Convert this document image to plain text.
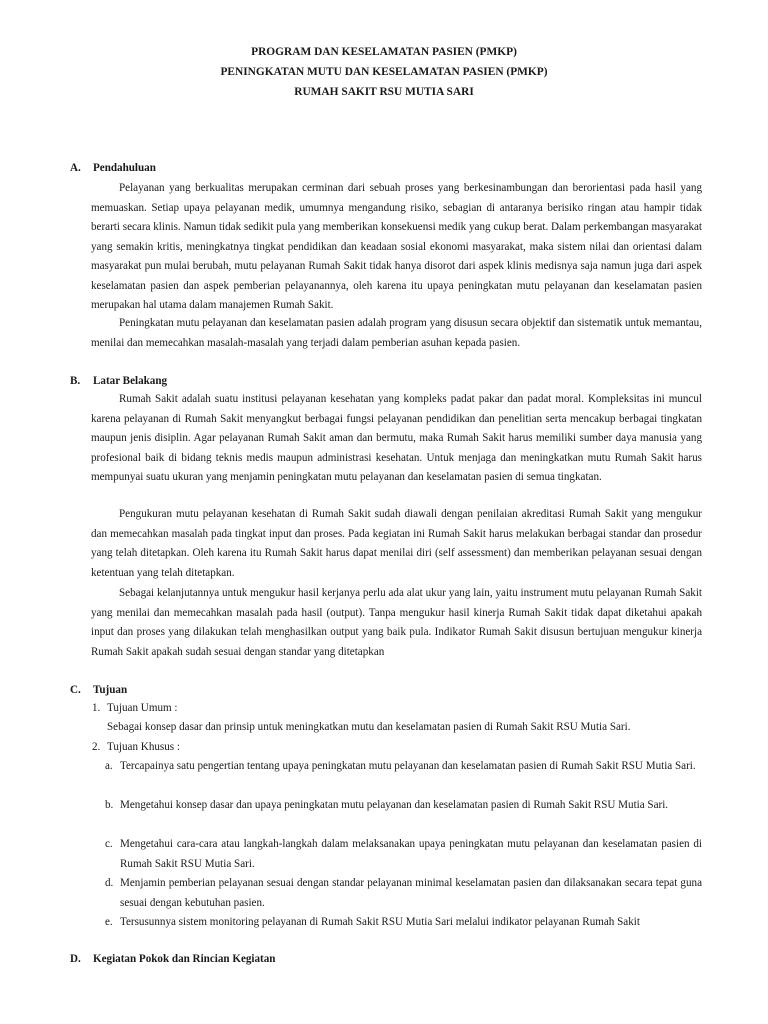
PROGRAM DAN KESELAMATAN PASIEN (PMKP)
PENINGKATAN MUTU DAN KESELAMATAN PASIEN (PMKP)
RUMAH SAKIT RSU MUTIA SARI
A. Pendahuluan

Pelayanan yang berkualitas merupakan cerminan dari sebuah proses yang berkesinambungan dan berorientasi pada hasil yang memuaskan. Setiap upaya pelayanan medik, umumnya mengandung risiko, sebagian di antaranya berisiko ringan atau hampir tidak berarti secara klinis. Namun tidak sedikit pula yang memberikan konsekuensi medik yang cukup berat. Dalam perkembangan masyarakat yang semakin kritis, meningkatnya tingkat pendidikan dan keadaan sosial ekonomi masyarakat, maka sistem nilai dan orientasi dalam masyarakat pun mulai berubah, mutu pelayanan Rumah Sakit tidak hanya disorot dari aspek klinis medisnya saja namun juga dari aspek keselamatan pasien dan aspek pemberian pelayanannya, oleh karena itu upaya peningkatan mutu pelayanan dan keselamatan pasien merupakan hal utama dalam manajemen Rumah Sakit.

Peningkatan mutu pelayanan dan keselamatan pasien adalah program yang disusun secara objektif dan sistematik untuk memantau, menilai dan memecahkan masalah-masalah yang terjadi dalam pemberian asuhan kepada pasien.

B. Latar Belakang

Rumah Sakit adalah suatu institusi pelayanan kesehatan yang kompleks padat pakar dan padat moral. Kompleksitas ini muncul karena pelayanan di Rumah Sakit menyangkut berbagai fungsi pelayanan pendidikan dan penelitian serta mencakup berbagai tingkatan maupun jenis disiplin. Agar pelayanan Rumah Sakit aman dan bermutu, maka Rumah Sakit harus memiliki sumber daya manusia yang profesional baik di bidang teknis medis maupun administrasi kesehatan. Untuk menjaga dan meningkatkan mutu Rumah Sakit harus mempunyai suatu ukuran yang menjamin peningkatan mutu pelayanan dan keselamatan pasien di semua tingkatan.

Pengukuran mutu pelayanan kesehatan di Rumah Sakit sudah diawali dengan penilaian akreditasi Rumah Sakit yang mengukur dan memecahkan masalah pada tingkat input dan proses. Pada kegiatan ini Rumah Sakit harus melakukan berbagai standar dan prosedur yang telah ditetapkan. Oleh karena itu Rumah Sakit harus dapat menilai diri (self assessment) dan memberikan pelayanan sesuai dengan ketentuan yang telah ditetapkan.

Sebagai kelanjutannya untuk mengukur hasil kerjanya perlu ada alat ukur yang lain, yaitu instrument mutu pelayanan Rumah Sakit yang menilai dan memecahkan masalah pada hasil (output). Tanpa mengukur hasil kinerja Rumah Sakit tidak dapat diketahui apakah input dan proses yang dilakukan telah menghasilkan output yang baik pula. Indikator Rumah Sakit disusun bertujuan mengukur kinerja Rumah Sakit apakah sudah sesuai dengan standar yang ditetapkan

C. Tujuan
1. Tujuan Umum :
Sebagai konsep dasar dan prinsip untuk meningkatkan mutu dan keselamatan pasien di Rumah Sakit RSU Mutia Sari.
2. Tujuan Khusus :
a. Tercapainya satu pengertian tentang upaya peningkatan mutu pelayanan dan keselamatan pasien di Rumah Sakit RSU Mutia Sari.

b. Mengetahui konsep dasar dan upaya peningkatan mutu pelayanan dan keselamatan pasien di Rumah Sakit RSU Mutia Sari.

c. Mengetahui cara-cara atau langkah-langkah dalam melaksanakan upaya peningkatan mutu pelayanan dan keselamatan pasien di Rumah Sakit RSU Mutia Sari.

d. Menjamin pemberian pelayanan sesuai dengan standar pelayanan minimal keselamatan pasien dan dilaksanakan secara tepat guna sesuai dengan kebutuhan pasien.

e. Tersusunnya sistem monitoring pelayanan di Rumah Sakit RSU Mutia Sari melalui indikator pelayanan Rumah Sakit

D. Kegiatan Pokok dan Rincian Kegiatan
